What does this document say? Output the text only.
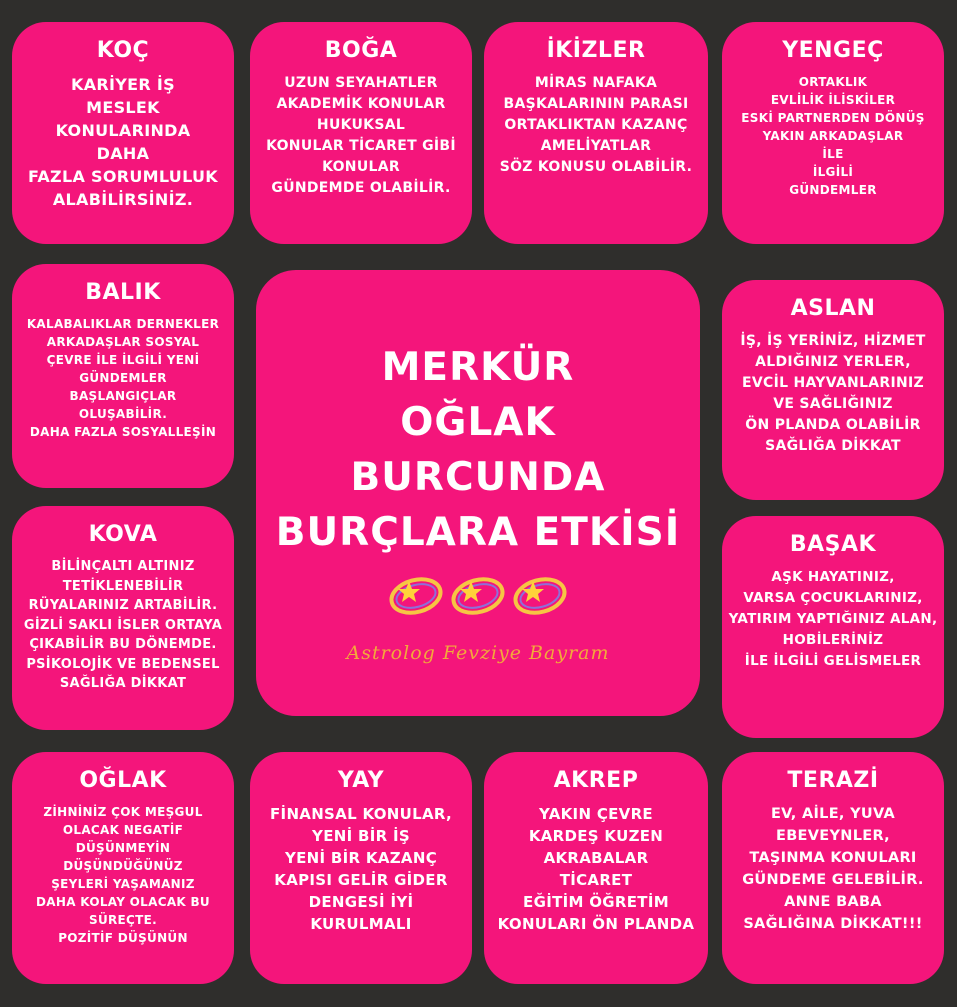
KOÇ
KARİYER İŞ
MESLEK
KONULARINDA
DAHA
FAZLA SORUMLULUK
ALABİLİRSİNİZ.
BOĞA
UZUN SEYAHATLER
AKADEMİK KONULAR
HUKUKSAL
KONULAR TİCARET GİBİ
KONULAR
GÜNDEMDE OLABİLİR.
İKİZLER
MİRAS NAFAKA
BAŞKALARININ PARASI
ORTAKLIKTAN KAZANÇ
AMELİYATLAR
SÖZ KONUSU OLABİLİR.
YENGEÇ
ORTAKLIK
EVLİLİK İLİSKİLER
ESKİ PARTNERDEN DÖNÜŞ
YAKIN ARKADAŞLAR
İLE
İLGİLİ
GÜNDEMLER
BALIK
KALABALIKLAR DERNEKLER
ARKADAŞLAR SOSYAL
ÇEVRE İLE İLGİLİ YENİ
GÜNDEMLER
BAŞLANGIÇLAR
OLUŞABİLİR.
DAHA FAZLA SOSYALLEŞİN
KOVA
BİLİNÇALTI ALTINIZ
TETİKLENEBİLİR
RÜYALARINIZ ARTABİLİR.
GİZLİ SAKLI İSLER ORTAYA
ÇIKABİLİR BU DÖNEMDE.
PSİKOLOJİK VE BEDENSEL
SAĞLIĞA DİKKAT
MERKÜR
OĞLAK
BURCUNDA
BURÇLARA ETKİSİ
Astrolog Fevziye Bayram
ASLAN
İŞ, İŞ YERİNİZ, HİZMET
ALDIĞINIZ YERLER,
EVCİL HAYVANLARINIZ
VE SAĞLIĞINIZ
ÖN PLANDA OLABİLİR
SAĞLIĞA DİKKAT
BAŞAK
AŞK HAYATINIZ,
VARSA ÇOCUKLARINIZ,
YATIRIM YAPTIĞINIZ ALAN,
HOBİLERİNİZ
İLE İLGİLİ GELİSMELER
OĞLAK
ZİHNİNİZ ÇOK MEŞGUL
OLACAK NEGATİF
DÜŞÜNMEYİN
DÜŞÜNDÜĞÜNÜZ
ŞEYLERİ YAŞAMANIZ
DAHA KOLAY OLACAK BU
SÜREÇTE.
POZİTİF DÜŞÜNÜN
YAY
FİNANSAL KONULAR,
YENİ BİR İŞ
YENİ BİR KAZANÇ
KAPISI GELİR GİDER
DENGESİ İYİ
KURULMALI
AKREP
YAKIN ÇEVRE
KARDEŞ KUZEN
AKRABALAR
TİCARET
EĞİTİM ÖĞRETİM
KONULARI ÖN PLANDA
TERAZİ
EV, AİLE, YUVA
EBEVEYNLER,
TAŞINMA KONULARI
GÜNDEME GELEBİLİR.
ANNE BABA
SAĞLIĞINA DİKKAT!!!
